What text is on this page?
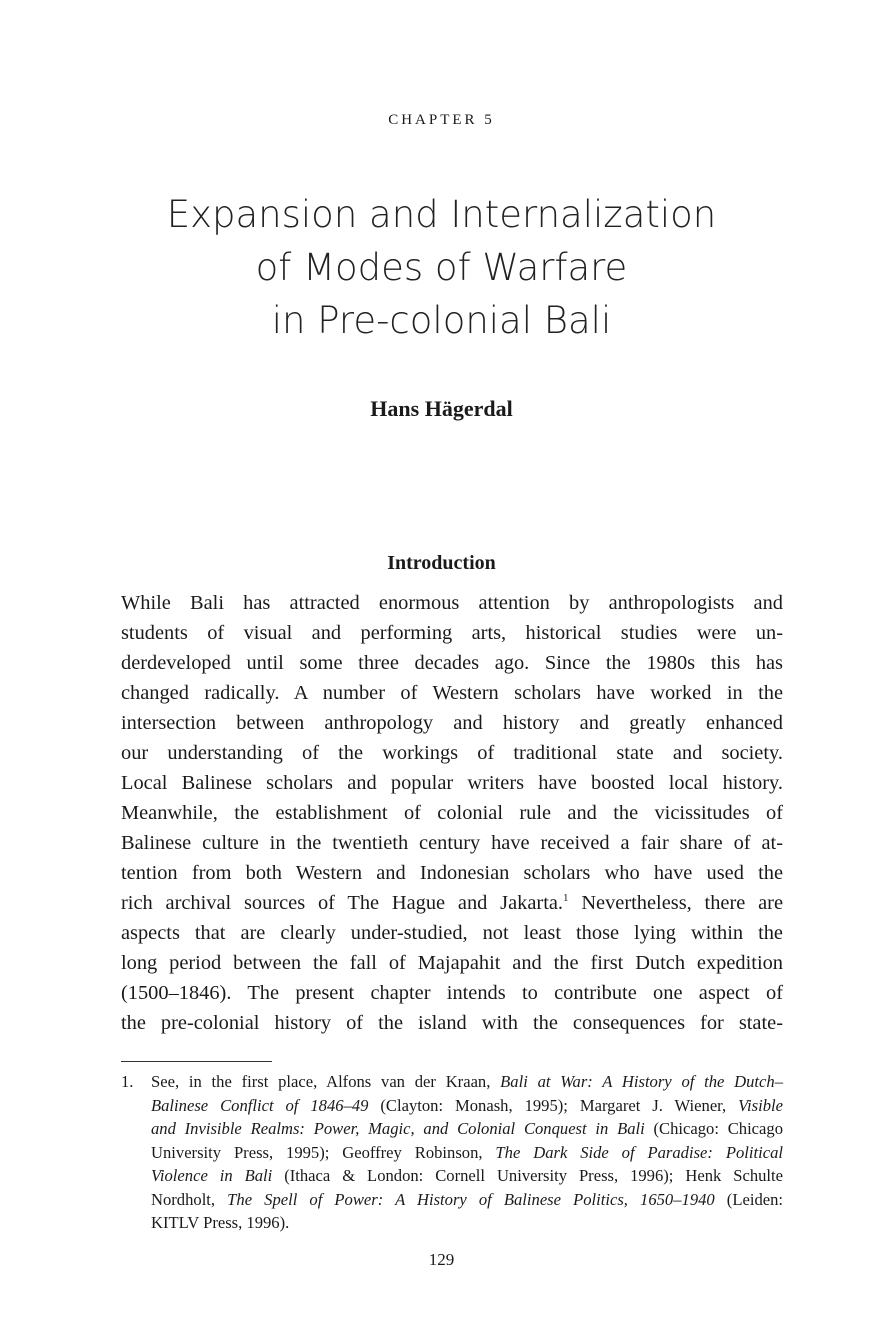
CHAPTER 5
Expansion and Internalization
of Modes of Warfare
in Pre-colonial Bali
Hans Hägerdal
Introduction
While Bali has attracted enormous attention by anthropologists and
students of visual and performing arts, historical studies were un-
derdeveloped until some three decades ago. Since the 1980s this has
changed radically. A number of Western scholars have worked in the
intersection between anthropology and history and greatly enhanced
our understanding of the workings of traditional state and society.
Local Balinese scholars and popular writers have boosted local history.
Meanwhile, the establishment of colonial rule and the vicissitudes of
Balinese culture in the twentieth century have received a fair share of at-
tention from both Western and Indonesian scholars who have used the
rich archival sources of The Hague and Jakarta.$^1$ Nevertheless, there are
aspects that are clearly under-studied, not least those lying within the
long period between the fall of Majapahit and the first Dutch expedition
(1500–1846). The present chapter intends to contribute one aspect of
the pre-colonial history of the island with the consequences for state-
1. See, in the first place, Alfons van der Kraan, Bali at War: A History of the Dutch–
Balinese Conflict of 1846–49 (Clayton: Monash, 1995); Margaret J. Wiener, Visible
and Invisible Realms: Power, Magic, and Colonial Conquest in Bali (Chicago: Chicago
University Press, 1995); Geoffrey Robinson, The Dark Side of Paradise: Political
Violence in Bali (Ithaca & London: Cornell University Press, 1996); Henk Schulte
Nordholt, The Spell of Power: A History of Balinese Politics, 1650–1940 (Leiden:
KITLV Press, 1996).
129
